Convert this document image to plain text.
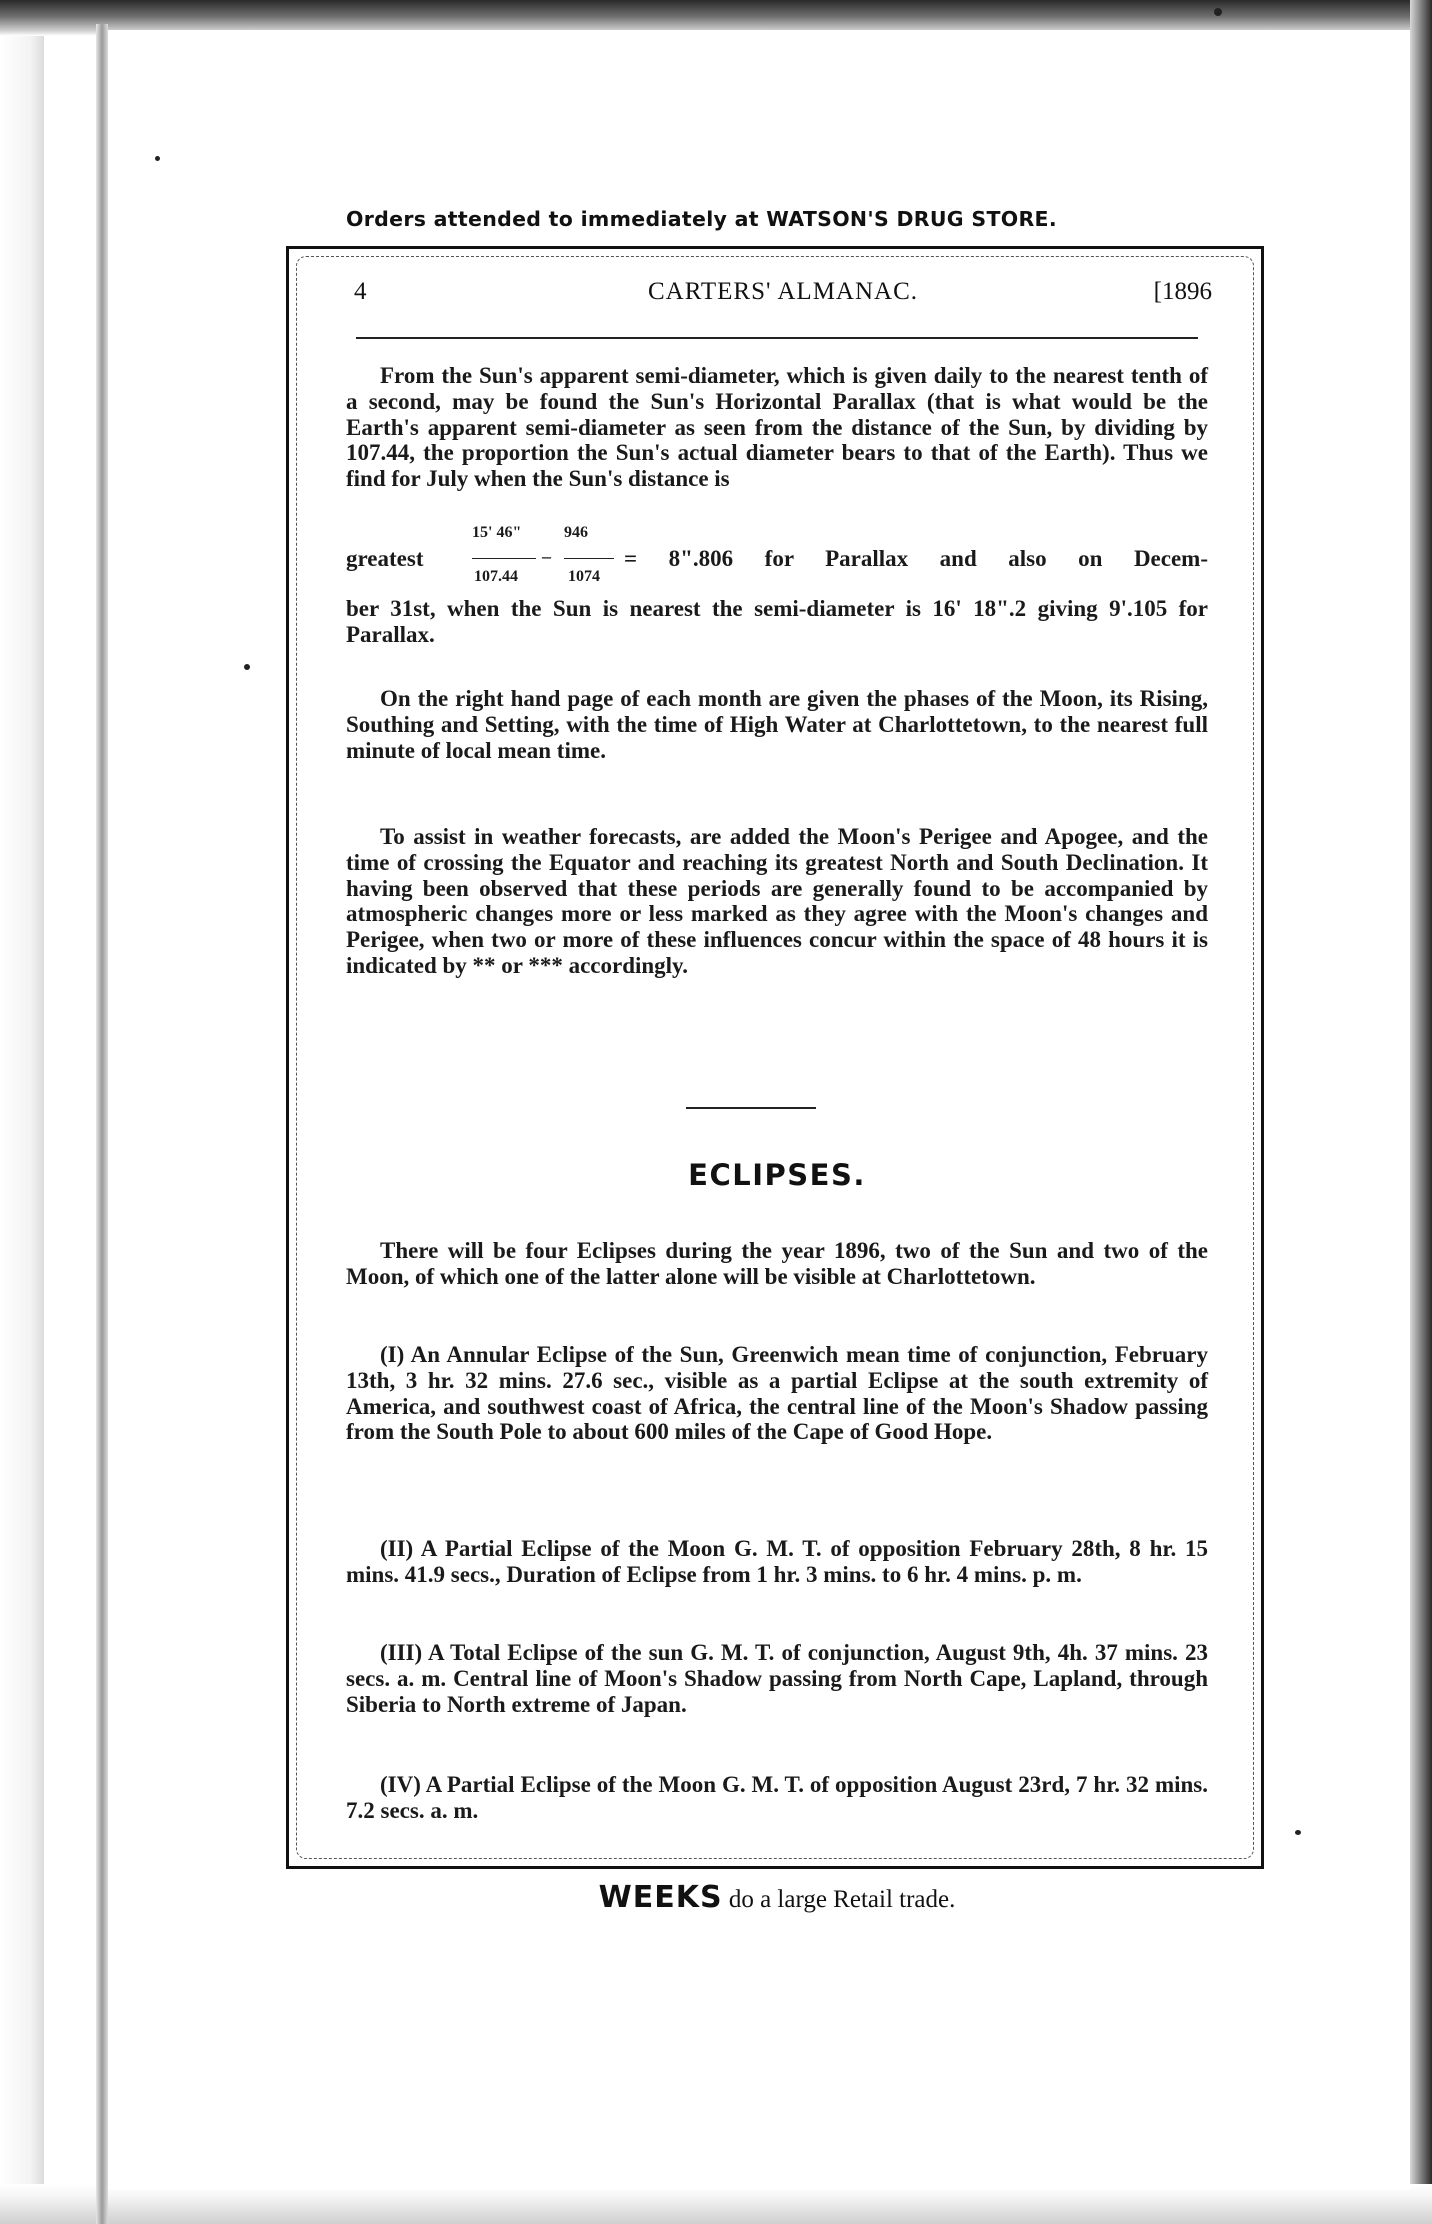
Orders attended to immediately at WATSON'S DRUG STORE.
4	CARTERS' ALMANAC.	[1896

From the Sun's apparent semi-diameter, which is given daily to the nearest tenth of a second, may be found the Sun's Horizontal Parallax (that is what would be the Earth's apparent semi-diameter as seen from the distance of the Sun, by dividing by 107.44, the proportion the Sun's actual diameter bears to that of the Earth). Thus we find for July when the Sun's distance is

greatest
15' 46"	946
–
107.44	1074
= 8".806 for Parallax and also on Decem-

ber 31st, when the Sun is nearest the semi-diameter is 16' 18".2 giving 9'.105 for Parallax.

On the right hand page of each month are given the phases of the Moon, its Rising, Southing and Setting, with the time of High Water at Charlottetown, to the nearest full minute of local mean time.

To assist in weather forecasts, are added the Moon's Perigee and Apogee, and the time of crossing the Equator and reaching its greatest North and South Declination. It having been observed that these periods are generally found to be accompanied by atmospheric changes more or less marked as they agree with the Moon's changes and Perigee, when two or more of these influences concur within the space of 48 hours it is indicated by ** or *** accordingly.

ECLIPSES.

There will be four Eclipses during the year 1896, two of the Sun and two of the Moon, of which one of the latter alone will be visible at Charlottetown.

(I) An Annular Eclipse of the Sun, Greenwich mean time of conjunction, February 13th, 3 hr. 32 mins. 27.6 sec., visible as a partial Eclipse at the south extremity of America, and southwest coast of Africa, the central line of the Moon's Shadow passing from the South Pole to about 600 miles of the Cape of Good Hope.

(II) A Partial Eclipse of the Moon G. M. T. of opposition February 28th, 8 hr. 15 mins. 41.9 secs., Duration of Eclipse from 1 hr. 3 mins. to 6 hr. 4 mins. p. m.

(III) A Total Eclipse of the sun G. M. T. of conjunction, August 9th, 4h. 37 mins. 23 secs. a. m. Central line of Moon's Shadow passing from North Cape, Lapland, through Siberia to North extreme of Japan.

(IV) A Partial Eclipse of the Moon G. M. T. of opposition August 23rd, 7 hr. 32 mins. 7.2 secs. a. m.

WEEKS do a large Retail trade.
